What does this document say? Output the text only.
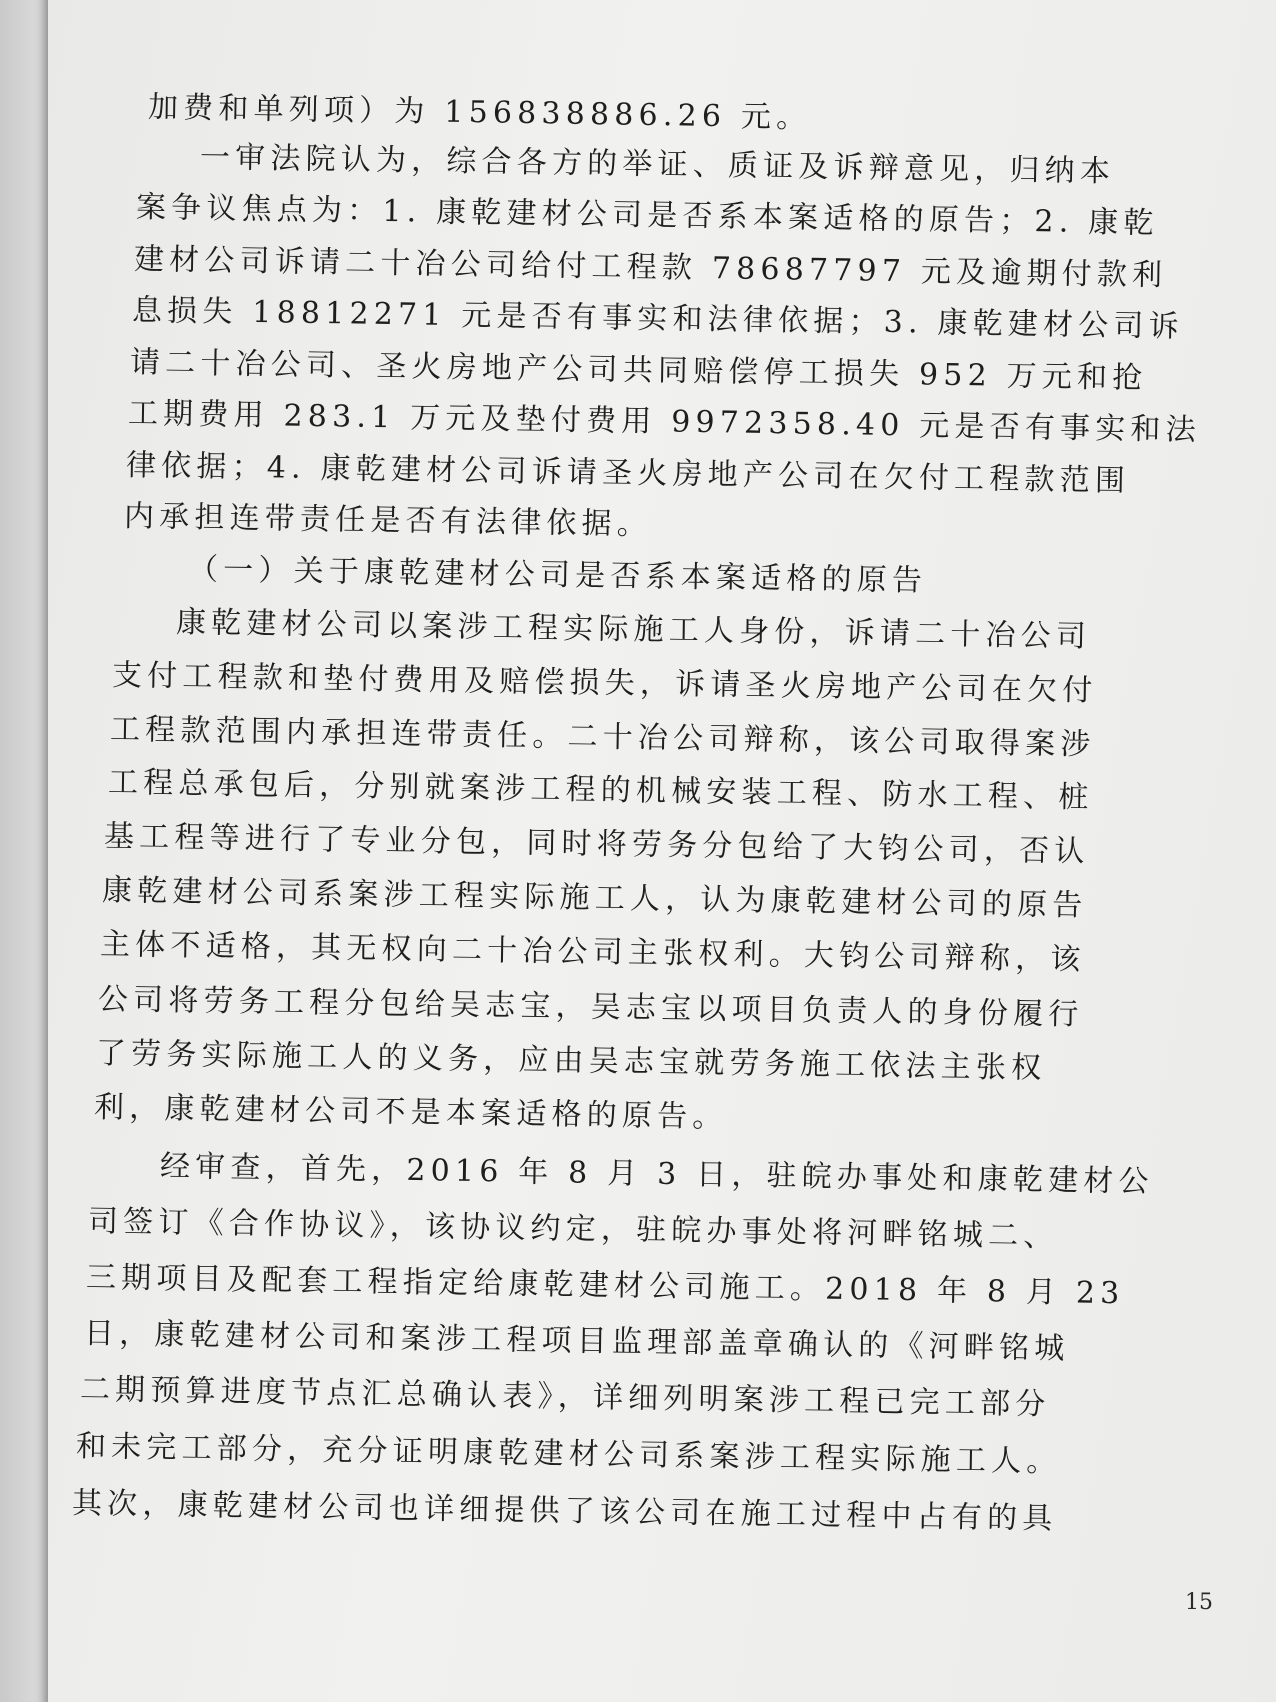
加费和单列项）为 156838886.26 元。
一审法院认为，综合各方的举证、质证及诉辩意见，归纳本
案争议焦点为：1. 康乾建材公司是否系本案适格的原告；2. 康乾
建材公司诉请二十冶公司给付工程款 78687797 元及逾期付款利
息损失 18812271 元是否有事实和法律依据；3. 康乾建材公司诉
请二十冶公司、圣火房地产公司共同赔偿停工损失 952 万元和抢
工期费用 283.1 万元及垫付费用 9972358.40 元是否有事实和法
律依据；4. 康乾建材公司诉请圣火房地产公司在欠付工程款范围
内承担连带责任是否有法律依据。
（一）关于康乾建材公司是否系本案适格的原告
康乾建材公司以案涉工程实际施工人身份，诉请二十冶公司
支付工程款和垫付费用及赔偿损失，诉请圣火房地产公司在欠付
工程款范围内承担连带责任。二十冶公司辩称，该公司取得案涉
工程总承包后，分别就案涉工程的机械安装工程、防水工程、桩
基工程等进行了专业分包，同时将劳务分包给了大钧公司，否认
康乾建材公司系案涉工程实际施工人，认为康乾建材公司的原告
主体不适格，其无权向二十冶公司主张权利。大钧公司辩称，该
公司将劳务工程分包给吴志宝，吴志宝以项目负责人的身份履行
了劳务实际施工人的义务，应由吴志宝就劳务施工依法主张权
利，康乾建材公司不是本案适格的原告。
经审查，首先，2016 年 8 月 3 日，驻皖办事处和康乾建材公
司签订《合作协议》，该协议约定，驻皖办事处将河畔铭城二、
三期项目及配套工程指定给康乾建材公司施工。2018 年 8 月 23
日，康乾建材公司和案涉工程项目监理部盖章确认的《河畔铭城
二期预算进度节点汇总确认表》，详细列明案涉工程已完工部分
和未完工部分，充分证明康乾建材公司系案涉工程实际施工人。
其次，康乾建材公司也详细提供了该公司在施工过程中占有的具
15
